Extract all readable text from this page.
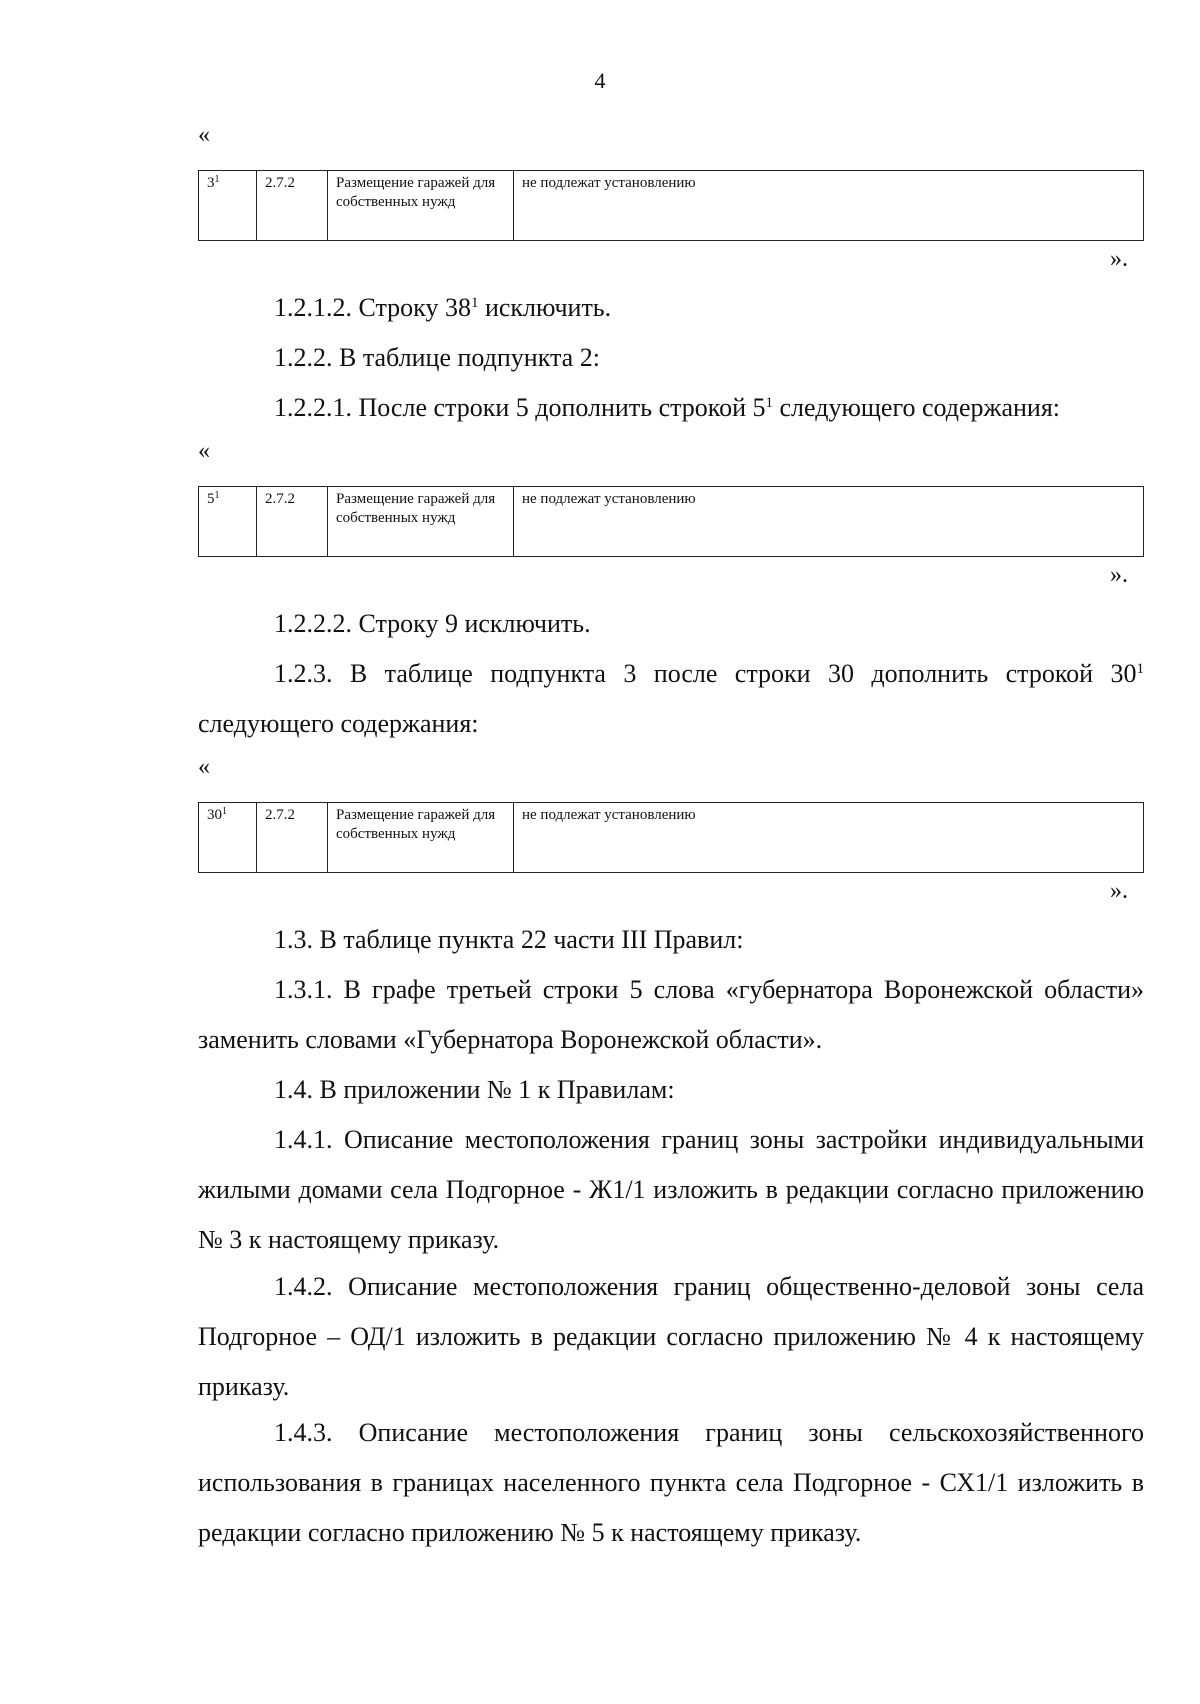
4
«
$3^1$	2.7.2	Размещение гаражей для собственных нужд	не подлежат установлению
».

1.2.1.2. Строку $38^1$ исключить.

1.2.2. В таблице подпункта 2:

1.2.2.1. После строки 5 дополнить строкой $5^1$ следующего содержания:

«
$5^1$	2.7.2	Размещение гаражей для собственных нужд	не подлежат установлению
».

1.2.2.2. Строку 9 исключить.

1.2.3. В таблице подпункта 3 после строки 30 дополнить строкой $30^1$ следующего содержания:

«
$30^1$	2.7.2	Размещение гаражей для собственных нужд	не подлежат установлению
».

1.3. В таблице пункта 22 части III Правил:

1.3.1. В графе третьей строки 5 слова «губернатора Воронежской области» заменить словами «Губернатора Воронежской области».

1.4. В приложении № 1 к Правилам:

1.4.1. Описание местоположения границ зоны застройки индивидуальными жилыми домами села Подгорное - Ж1/1 изложить в редакции согласно приложению № 3 к настоящему приказу.

1.4.2. Описание местоположения границ общественно-деловой зоны села Подгорное – ОД/1 изложить в редакции согласно приложению № 4 к настоящему приказу.

1.4.3. Описание местоположения границ зоны сельскохозяйственного использования в границах населенного пункта села Подгорное - СХ1/1 изложить в редакции согласно приложению № 5 к настоящему приказу.
